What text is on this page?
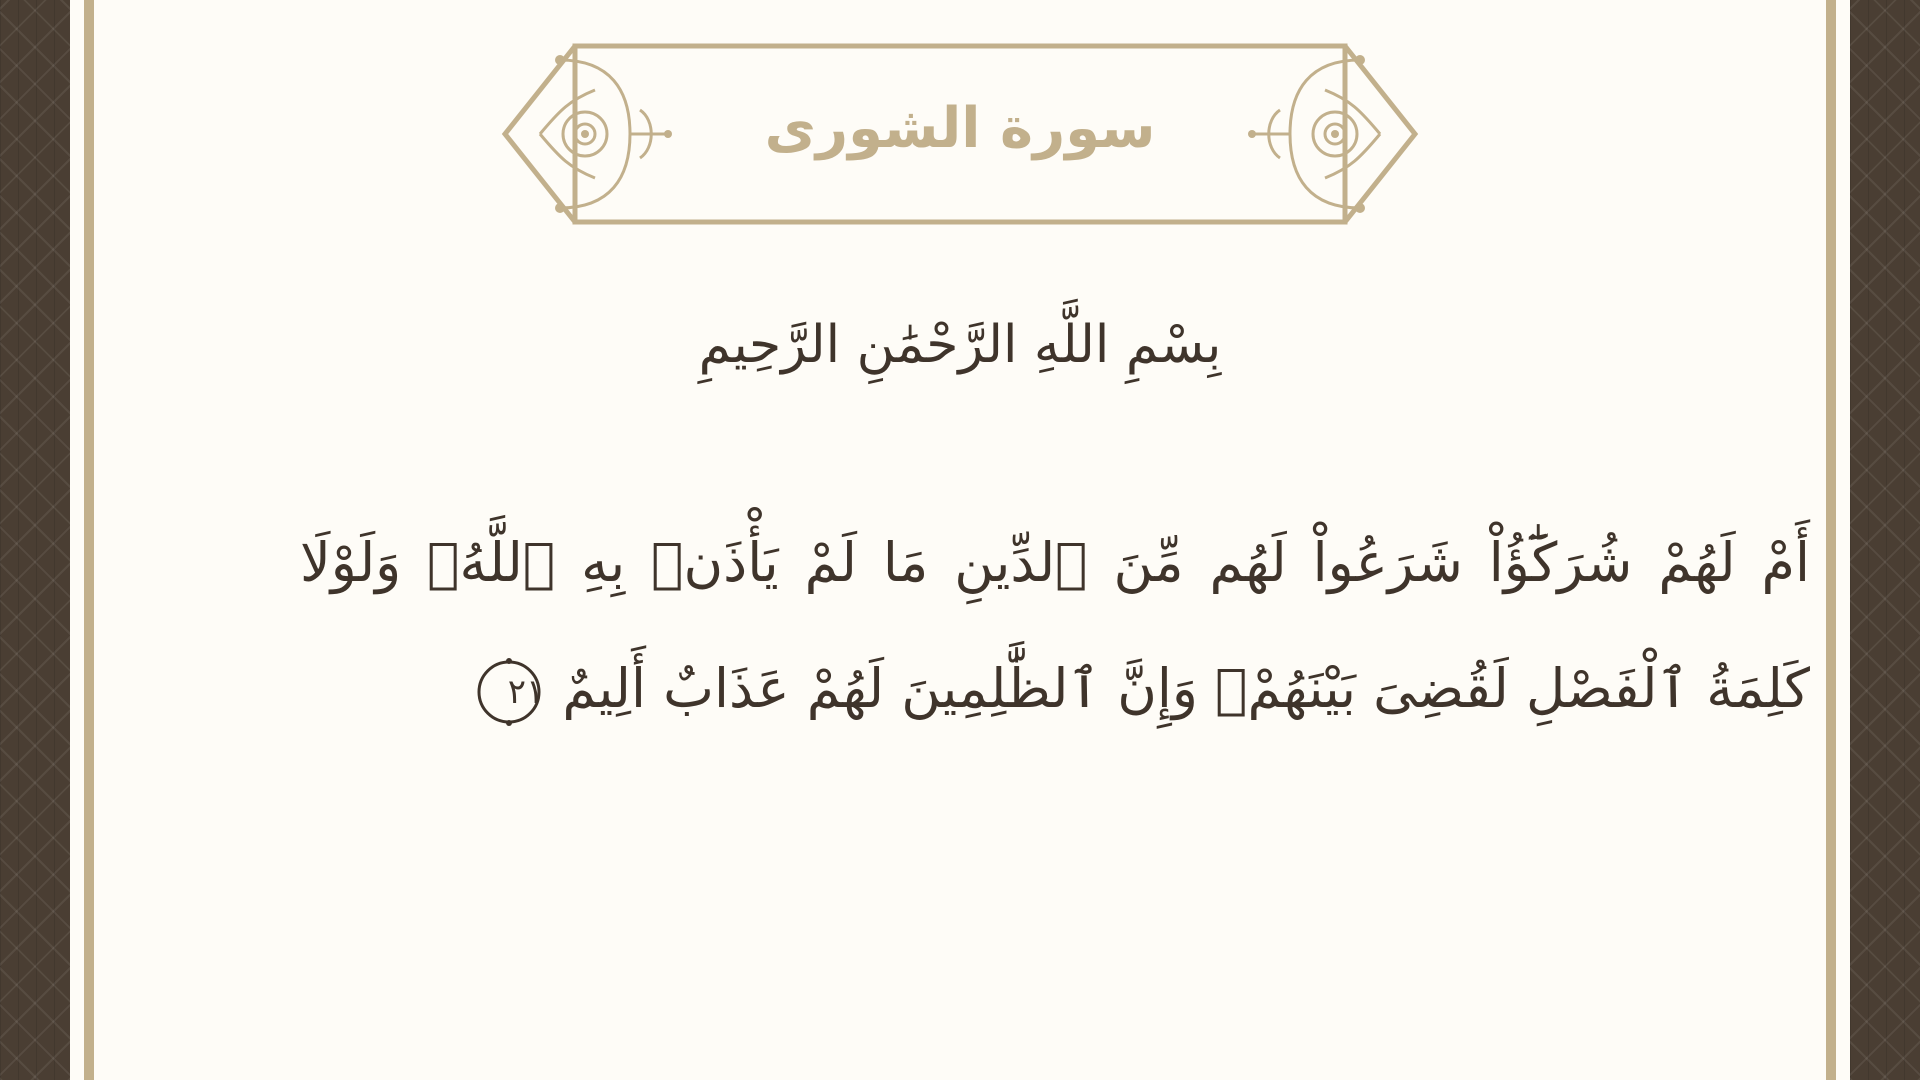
سورة الشورى
بِسْمِ اللَّهِ الرَّحْمَٰنِ الرَّحِيمِ
أَمْ لَهُمْ شُرَكَٰٓؤُاْ شَرَعُواْ لَهُم مِّنَ ٱلدِّينِ مَا لَمْ يَأْذَنۢ بِهِ ٱللَّهُۚ وَلَوْلَا
كَلِمَةُ ٱلْفَصْلِ لَقُضِىَ بَيْنَهُمْۗ وَإِنَّ ٱلظَّٰلِمِينَ لَهُمْ عَذَابٌ أَلِيمٌ
٢١
